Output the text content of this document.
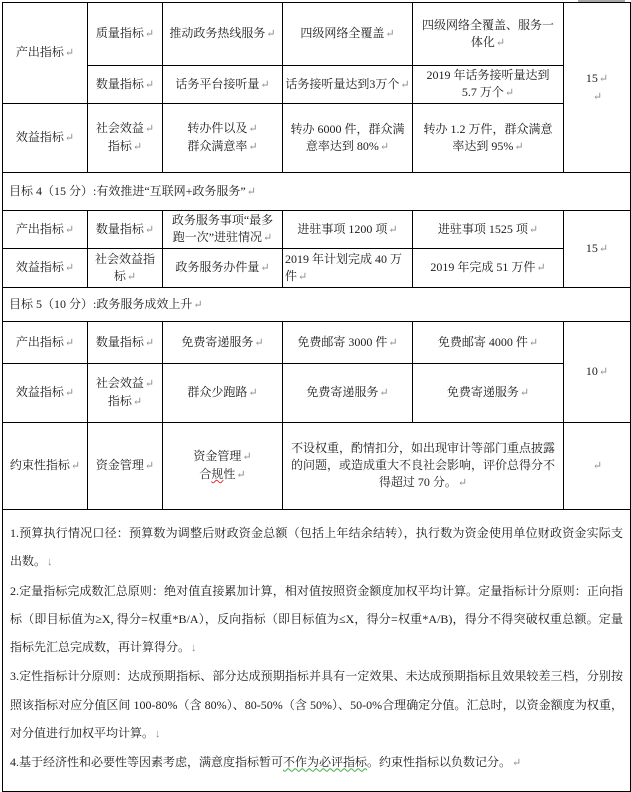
产出指标↵	质量指标↵	推动政务热线服务↵	四级网络全覆盖↵	四级网络全覆盖、服务一
体化↵	15↵
↵
	数量指标↵	话务平台接听量↵	话务接听量达到3万个↵	2019 年话务接听量达到
5.7 万个↵	
效益指标↵	社会效益↵
指标↵	转办件以及↵
群众满意率↵	转办 6000 件，群众满
意率达到 80%↵	转办 1.2 万件，群众满意
率达到 95%↵	
目标 4（15 分）:有效推进“互联网+政务服务”↵					
产出指标↵	数量指标↵	政务服务事项“最多
跑一次”进驻情况↵	进驻事项 1200 项↵	进驻事项 1525 项↵	15↵
效益指标↵	社会效益指
标↵	政务服务办件量↵	2019 年计划完成 40 万
件↵	2019 年完成 51 万件↵	
目标 5（10 分）:政务服务成效上升↵					
产出指标↵	数量指标↵	免费寄递服务↵	免费邮寄 3000 件↵	免费邮寄 4000 件↵	10↵
效益指标↵	社会效益↵
指标↵	群众少跑路↵	免费寄递服务↵	免费寄递服务↵	
约束性指标↵	资金管理↵	资金管理↵
合规性↵	不设权重，酌情扣分，如出现审计等部门重点披露
的问题，或造成重大不良社会影响，评价总得分不
得超过 70 分。↵		↵

1.预算执行情况口径：预算数为调整后财政资金总额（包括上年结余结转），执行数为资金使用单位财政资金实际支出数。↓
2.定量指标完成数汇总原则：绝对值直接累加计算，相对值按照资金额度加权平均计算。定量指标计分原则：正向指标（即目标值为≥X, 得分=权重*B/A），反向指标（即目标值为≤X，得分=权重*A/B)，得分不得突破权重总额。定量指标先汇总完成数，再计算得分。↓
3.定性指标计分原则：达成预期指标、部分达成预期指标并具有一定效果、未达成预期指标且效果较差三档，分别按照该指标对应分值区间 100-80%（含 80%）、80-50%（含 50%）、50-0%合理确定分值。汇总时，以资金额度为权重，对分值进行加权平均计算。↓
4.基于经济性和必要性等因素考虑，满意度指标暂可不作为必评指标。约束性指标以负数记分。↵					
